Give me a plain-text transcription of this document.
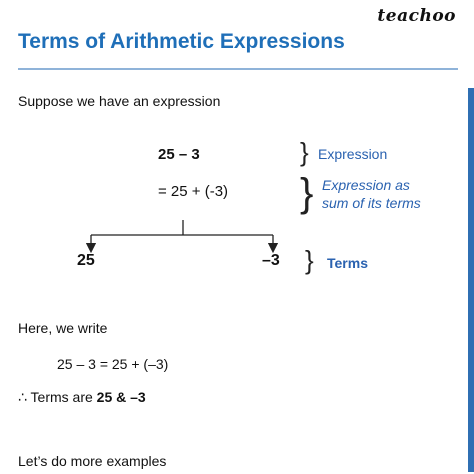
teachoo
Terms of Arithmetic Expressions
Suppose we have an expression
25 – 3	} Expression
= 25 + (-3) } Expression as
sum of its terms
25	–3 } Terms
Here, we write
25 – 3 = 25 + (–3)
∴ Terms are 25 & –3
Let’s do more examples
